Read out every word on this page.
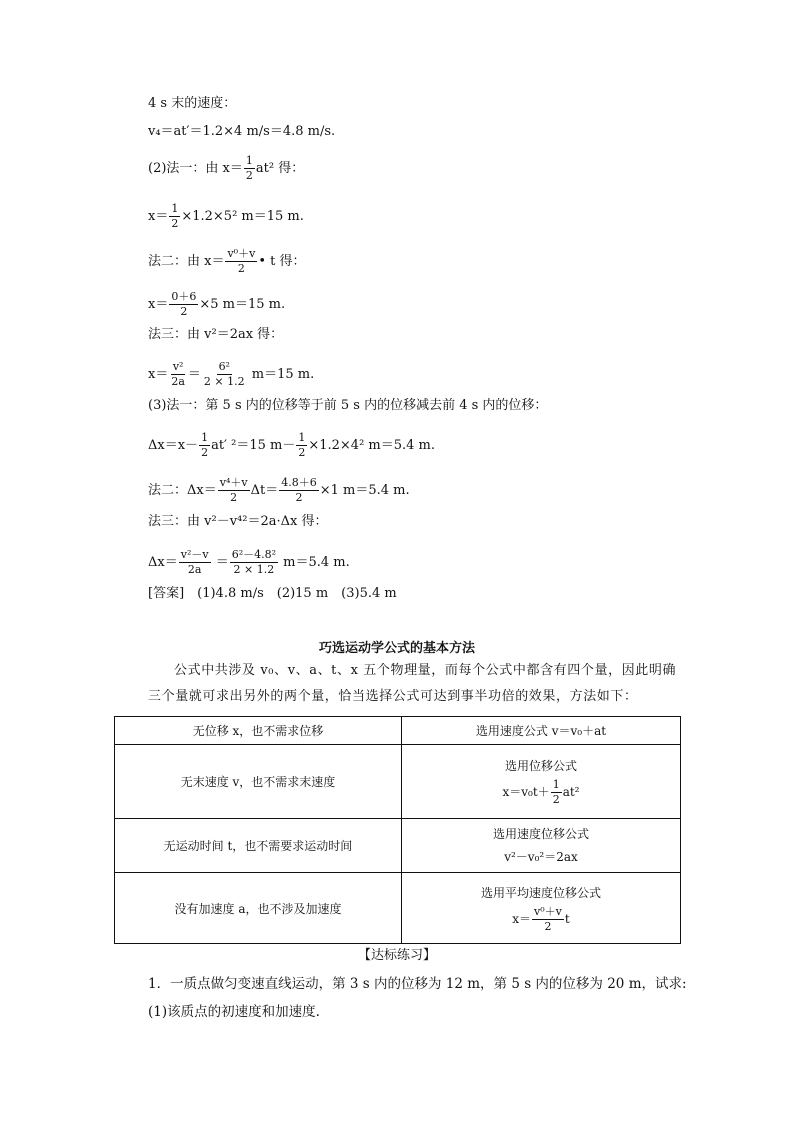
4 s 末的速度：
v₄＝at′＝1.2×4 m/s＝4.8 m/s.
(2)法一：由 $x= \frac{1}{2} at^2$ 得：
$x= \frac{1}{2} \times 1.2\times 5^2$ m＝15 m.
法二：由 $x= \frac{\text{v⁰＋v}}{2}$ • t 得：
$x= \frac{0+6}{2} \times 5$ m＝15 m.
法三：由 v²＝2ax 得：
$x= \frac{\text{v²}}{2a} = \frac{\text{6²}}{2 \times 1.2} m=15$ m.
(3)法一：第 5 s 内的位移等于前 5 s 内的位移减去前 4 s 内的位移：
$\Delta x=x- \frac{1}{2} at'$ ²＝15 $m- \frac{1}{2} \times 1.2\times 4^2$ m＝5.4 m.
法二：$\Delta x= \frac{\text{v⁴＋v}}{2} \Delta t= \frac{4.8+6}{2} \times 1$ m＝5.4 m.
法三：由 v²－v⁴²＝2a·Δx 得：
$\Delta x= \frac{\text{v²－v}}{2a} = \frac{\text{6²－4.8²}}{2 \times 1.2} m=5.4$ m.
[答案]　(1)4.8 m/s　(2)15 m　(3)5.4 m
巧选运动学公式的基本方法
公式中共涉及 v₀、v、a、t、x 五个物理量，而每个公式中都含有四个量，因此明确三个量就可求出另外的两个量，恰当选择公式可达到事半功倍的效果，方法如下：
无位移 x，也不需求位移	选用速度公式 v＝v₀＋at
无末速度 v，也不需求末速度	选用位移公式
$x=v_0t+ \frac{1}{2} at^2$

无运动时间 t，也不需要求运动时间	选用速度位移公式
v²－v₀²＝2ax

没有加速度 a，也不涉及加速度	选用平均速度位移公式
$x= \frac{\text{v⁰＋v}}{2}$ t
【达标练习】
1．一质点做匀变速直线运动，第 3 s 内的位移为 12 m，第 5 s 内的位移为 20 m，试求:
(1)该质点的初速度和加速度.
